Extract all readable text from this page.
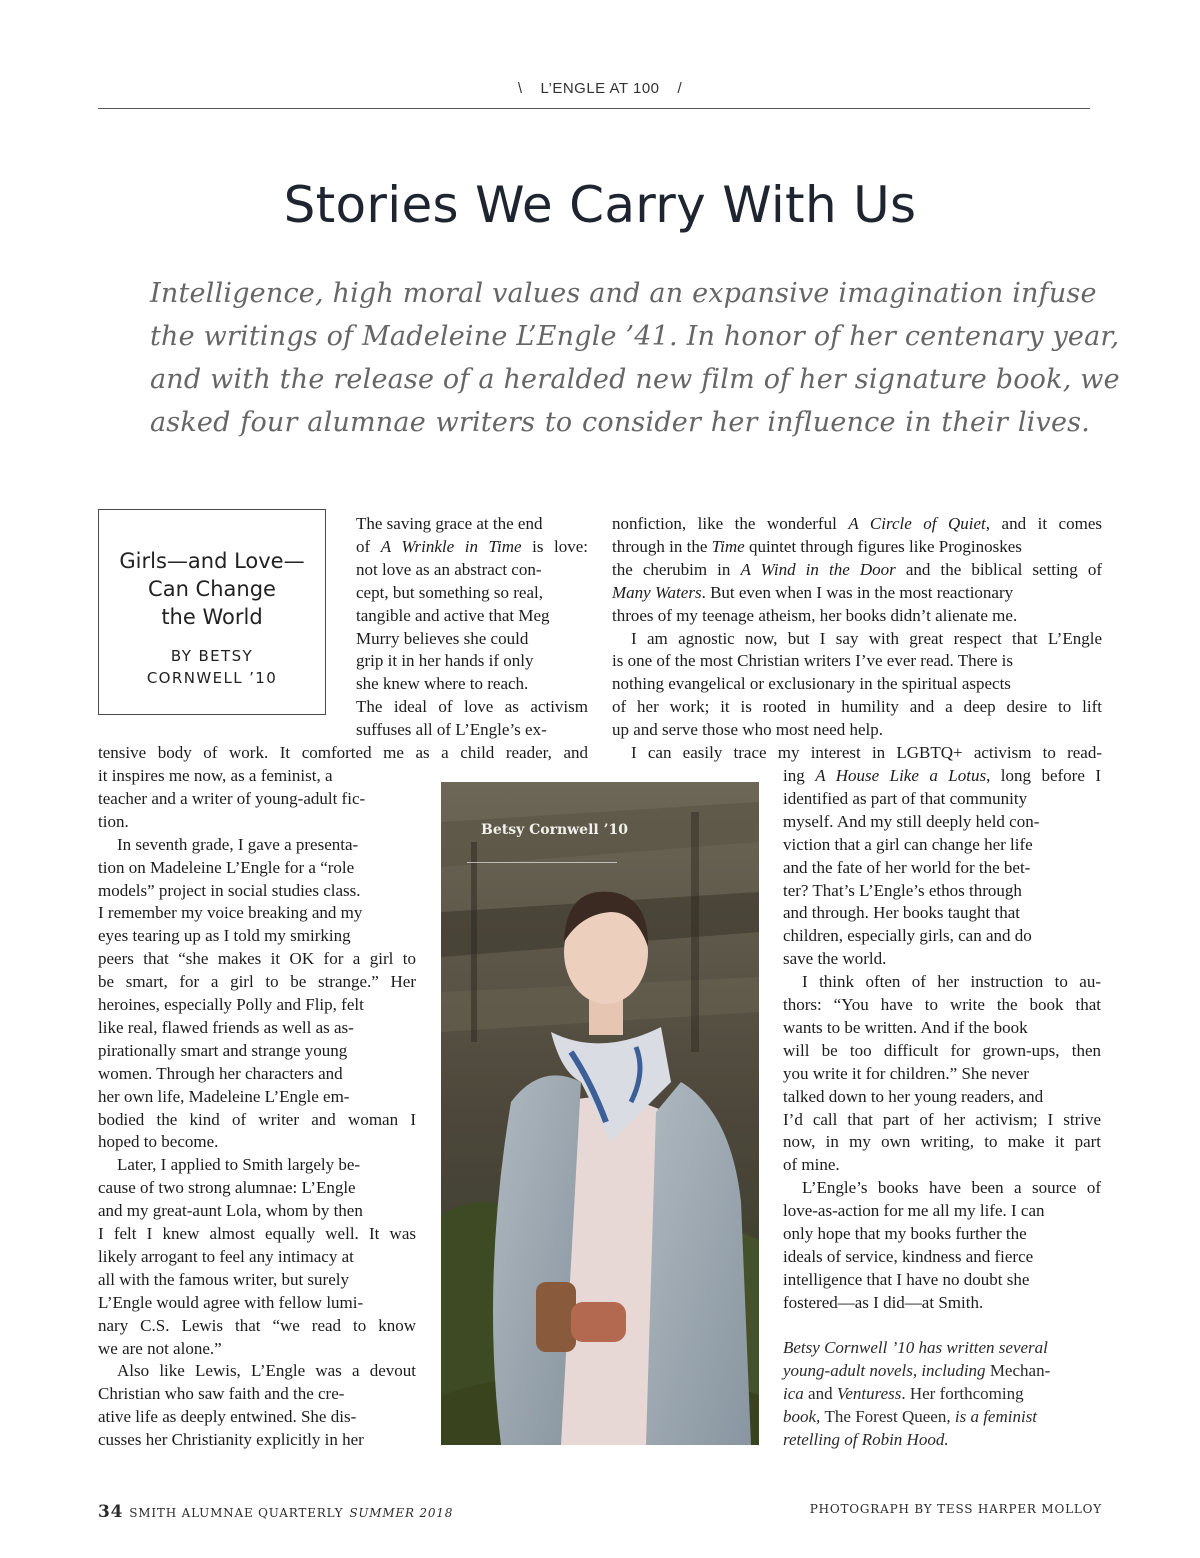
\ L’ENGLE AT 100 /
Stories We Carry With Us
Intelligence, high moral values and an expansive imagination infuse
the writings of Madeleine L’Engle ’41. In honor of her centenary year,
and with the release of a heralded new film of her signature book, we
asked four alumnae writers to consider her influence in their lives.
Girls—and Love—
Can Change
the World
BY BETSY
CORNWELL ’10
The saving grace at the end
of A Wrinkle in Time is love:
not love as an abstract con-
cept, but something so real,
tangible and active that Meg
Murry believes she could
grip it in her hands if only
she knew where to reach.
The ideal of love as activism
suffuses all of L’Engle’s ex-
tensive body of work. It comforted me as a child reader, and
it inspires me now, as a feminist, a
teacher and a writer of young-adult fic-
tion.
In seventh grade, I gave a presenta-
tion on Madeleine L’Engle for a “role
models” project in social studies class.
I remember my voice breaking and my
eyes tearing up as I told my smirking
peers that “she makes it OK for a girl to
be smart, for a girl to be strange.” Her
heroines, especially Polly and Flip, felt
like real, flawed friends as well as as-
pirationally smart and strange young
women. Through her characters and
her own life, Madeleine L’Engle em-
bodied the kind of writer and woman I
hoped to become.
Later, I applied to Smith largely be-
cause of two strong alumnae: L’Engle
and my great-aunt Lola, whom by then
I felt I knew almost equally well. It was
likely arrogant to feel any intimacy at
all with the famous writer, but surely
L’Engle would agree with fellow lumi-
nary C.S. Lewis that “we read to know
we are not alone.”
Also like Lewis, L’Engle was a devout
Christian who saw faith and the cre-
ative life as deeply entwined. She dis-
cusses her Christianity explicitly in her
nonfiction, like the wonderful A Circle of Quiet, and it comes
through in the Time quintet through figures like Proginoskes
the cherubim in A Wind in the Door and the biblical setting of
Many Waters. But even when I was in the most reactionary
throes of my teenage atheism, her books didn’t alienate me.
I am agnostic now, but I say with great respect that L’Engle
is one of the most Christian writers I’ve ever read. There is
nothing evangelical or exclusionary in the spiritual aspects
of her work; it is rooted in humility and a deep desire to lift
up and serve those who most need help.
I can easily trace my interest in LGBTQ+ activism to read-
ing A House Like a Lotus, long before I
identified as part of that community
myself. And my still deeply held con-
viction that a girl can change her life
and the fate of her world for the bet-
ter? That’s L’Engle’s ethos through
and through. Her books taught that
children, especially girls, can and do
save the world.
I think often of her instruction to au-
thors: “You have to write the book that
wants to be written. And if the book
will be too difficult for grown-ups, then
you write it for children.” She never
talked down to her young readers, and
I’d call that part of her activism; I strive
now, in my own writing, to make it part
of mine.
L’Engle’s books have been a source of
love-as-action for me all my life. I can
only hope that my books further the
ideals of service, kindness and fierce
intelligence that I have no doubt she
fostered—as I did—at Smith.
Betsy Cornwell ’10 has written several
young-adult novels, including Mechan-
ica and Venturess. Her forthcoming
book, The Forest Queen, is a feminist
retelling of Robin Hood.
Betsy Cornwell ’10
34 SMITH ALUMNAE QUARTERLY SUMMER 2018	PHOTOGRAPH BY TESS HARPER MOLLOY
